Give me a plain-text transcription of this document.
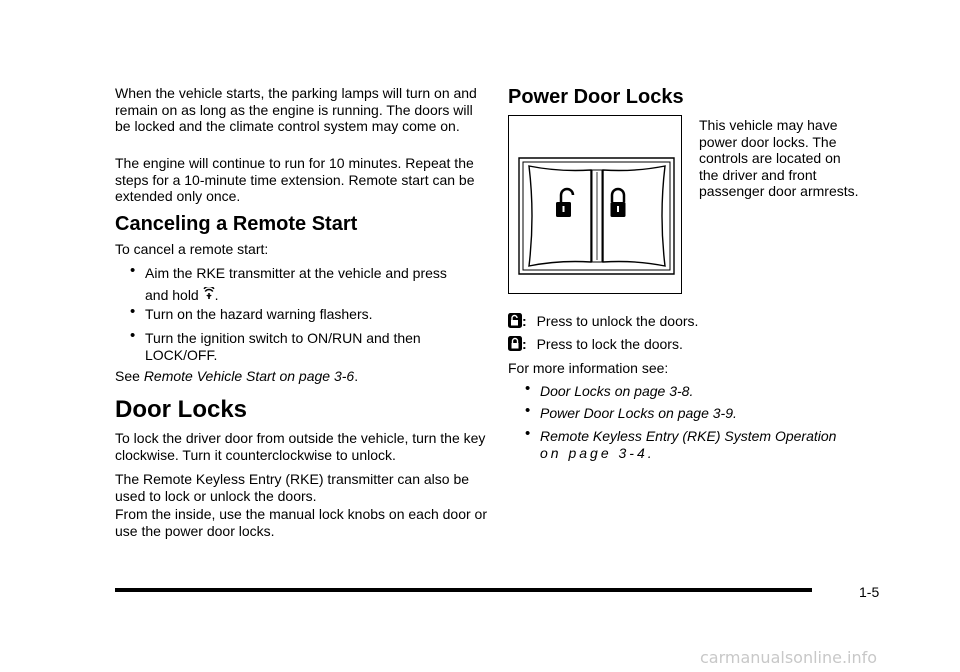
When the vehicle starts, the parking lamps will turn on and remain on as long as the engine is running. The doors will be locked and the climate control system may come on.

The engine will continue to run for 10 minutes. Repeat the steps for a 10-minute time extension. Remote start can be extended only once.

Canceling a Remote Start

To cancel a remote start:

• Aim the RKE transmitter at the vehicle and press
and hold .
• Turn on the hazard warning flashers.
• Turn the ignition switch to ON/RUN and then
LOCK/OFF.

See Remote Vehicle Start on page 3-6.

Door Locks

To lock the driver door from outside the vehicle, turn the key clockwise. Turn it counterclockwise to unlock.

The Remote Keyless Entry (RKE) transmitter can also be used to lock or unlock the doors.

From the inside, use the manual lock knobs on each door or use the power door locks.

Power Door Locks
This vehicle may have
power door locks. The
controls are located on
the driver and front
passenger door armrests.
: Press to unlock the doors.
: Press to lock the doors.

For more information see:

• Door Locks on page 3-8.
• Power Door Locks on page 3-9.
• Remote Keyless Entry (RKE) System Operation
on page 3-4.
1-5
carmanualsonline.info
